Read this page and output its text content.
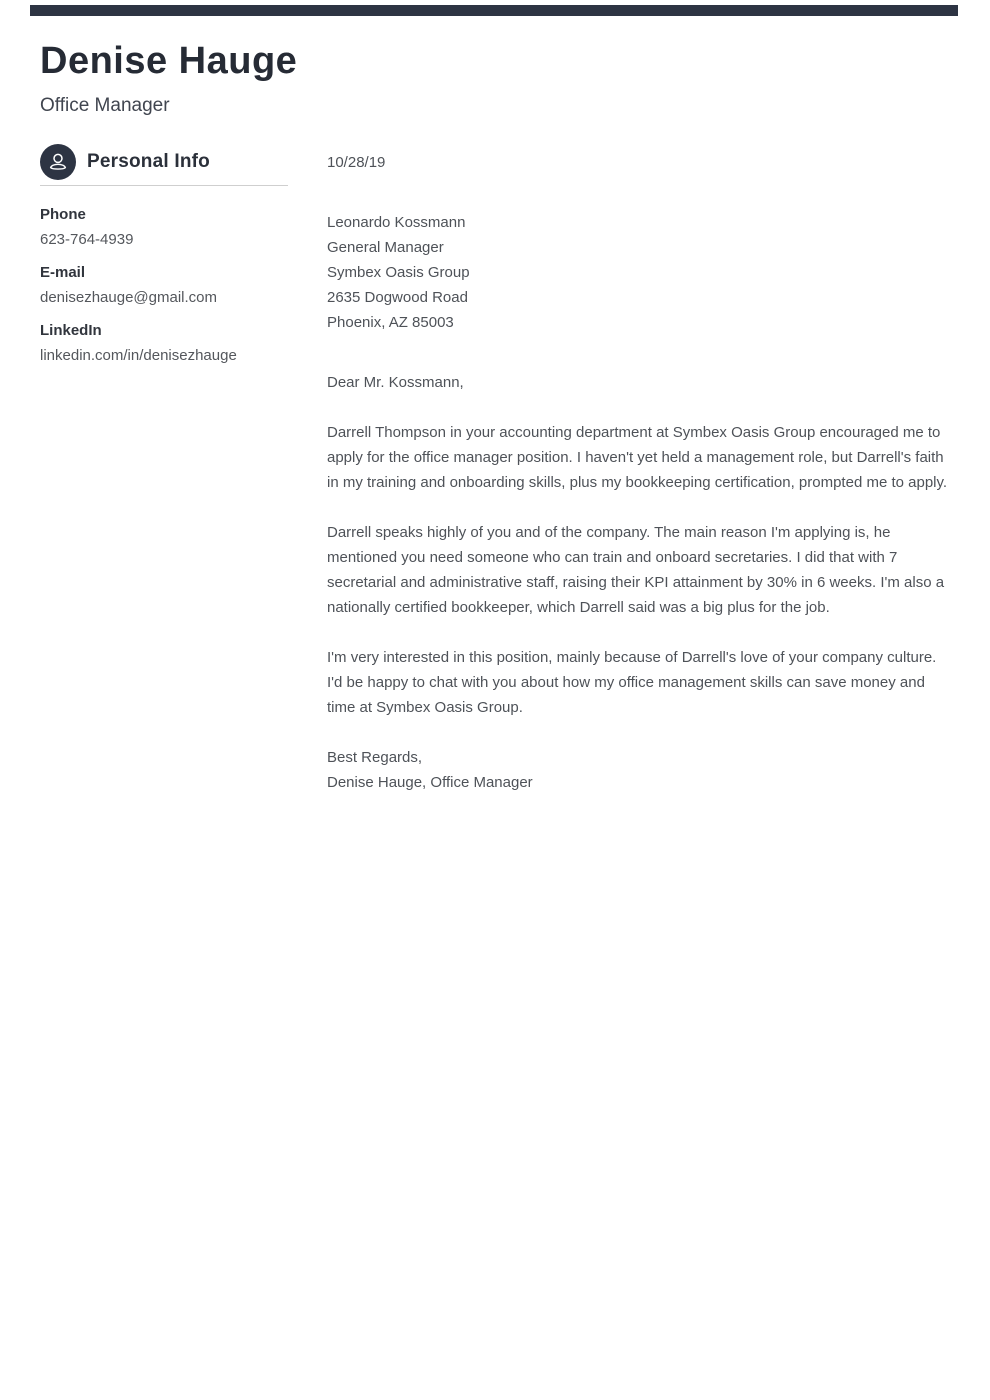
Denise Hauge
Office Manager
Personal Info
Phone
623-764-4939
E-mail
denisezhauge@gmail.com
LinkedIn
linkedin.com/in/denisezhauge

10/28/19

Leonardo Kossmann
General Manager
Symbex Oasis Group
2635 Dogwood Road
Phoenix, AZ 85003

Dear Mr. Kossmann,

Darrell Thompson in your accounting department at Symbex Oasis Group encouraged me to apply for the office manager position. I haven't yet held a management role, but Darrell's faith in my training and onboarding skills, plus my bookkeeping certification, prompted me to apply.

Darrell speaks highly of you and of the company. The main reason I'm applying is, he mentioned you need someone who can train and onboard secretaries. I did that with 7 secretarial and administrative staff, raising their KPI attainment by 30% in 6 weeks. I'm also a nationally certified bookkeeper, which Darrell said was a big plus for the job.

I'm very interested in this position, mainly because of Darrell's love of your company culture. I'd be happy to chat with you about how my office management skills can save money and time at Symbex Oasis Group.

Best Regards,
Denise Hauge, Office Manager
